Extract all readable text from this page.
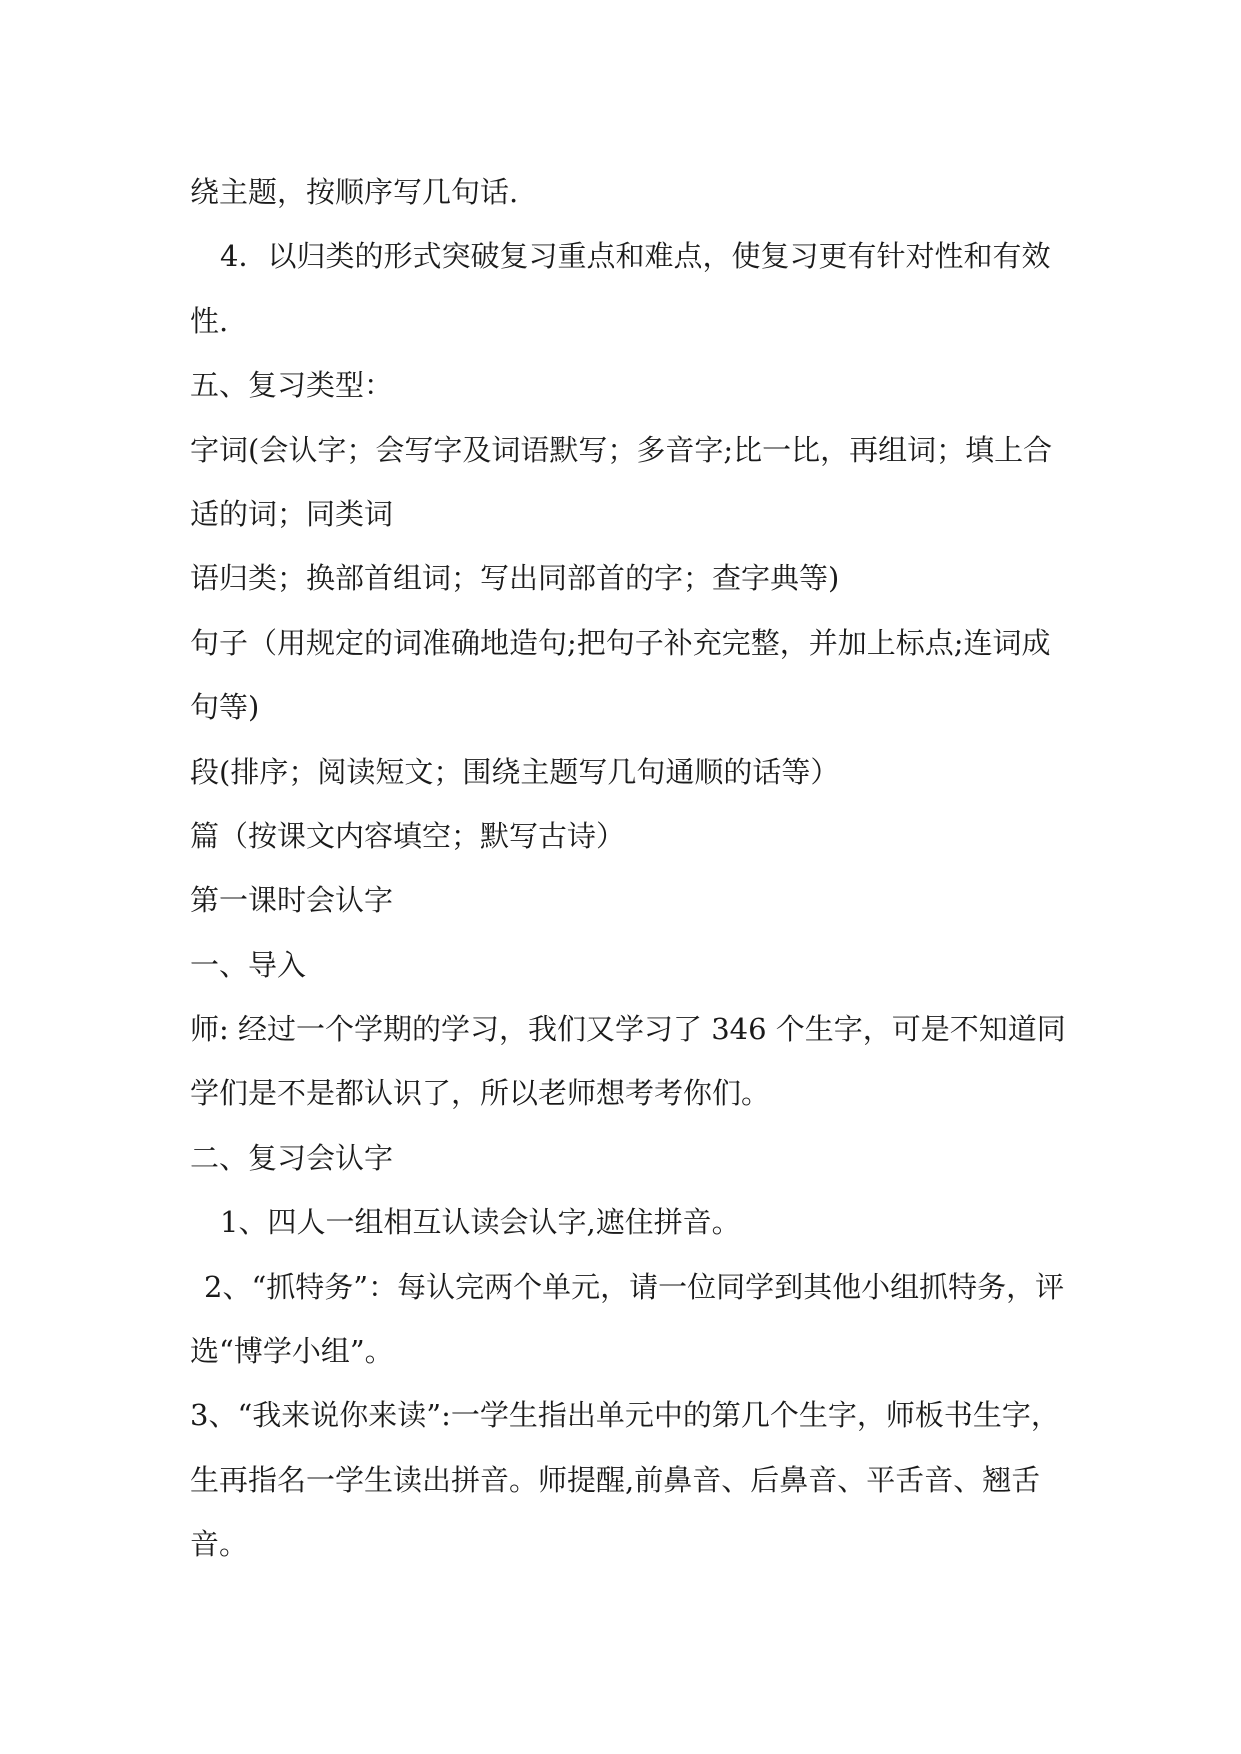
绕主题，按顺序写几句话.
4．以归类的形式突破复习重点和难点，使复习更有针对性和有效
性.
五、复习类型：
字词(会认字；会写字及词语默写；多音字;比一比，再组词；填上合
适的词；同类词
语归类；换部首组词；写出同部首的字；查字典等)
句子（用规定的词准确地造句;把句子补充完整，并加上标点;连词成
句等)
段(排序；阅读短文；围绕主题写几句通顺的话等）
篇（按课文内容填空；默写古诗）
第一课时会认字
一、导入
师: 经过一个学期的学习，我们又学习了 346 个生字，可是不知道同
学们是不是都认识了，所以老师想考考你们。
二、复习会认字
1、四人一组相互认读会认字,遮住拼音。
2、“抓特务”：每认完两个单元，请一位同学到其他小组抓特务，评
选“博学小组”。
3、“我来说你来读”:一学生指出单元中的第几个生字，师板书生字，
生再指名一学生读出拼音。师提醒,前鼻音、后鼻音、平舌音、翘舌
音。
